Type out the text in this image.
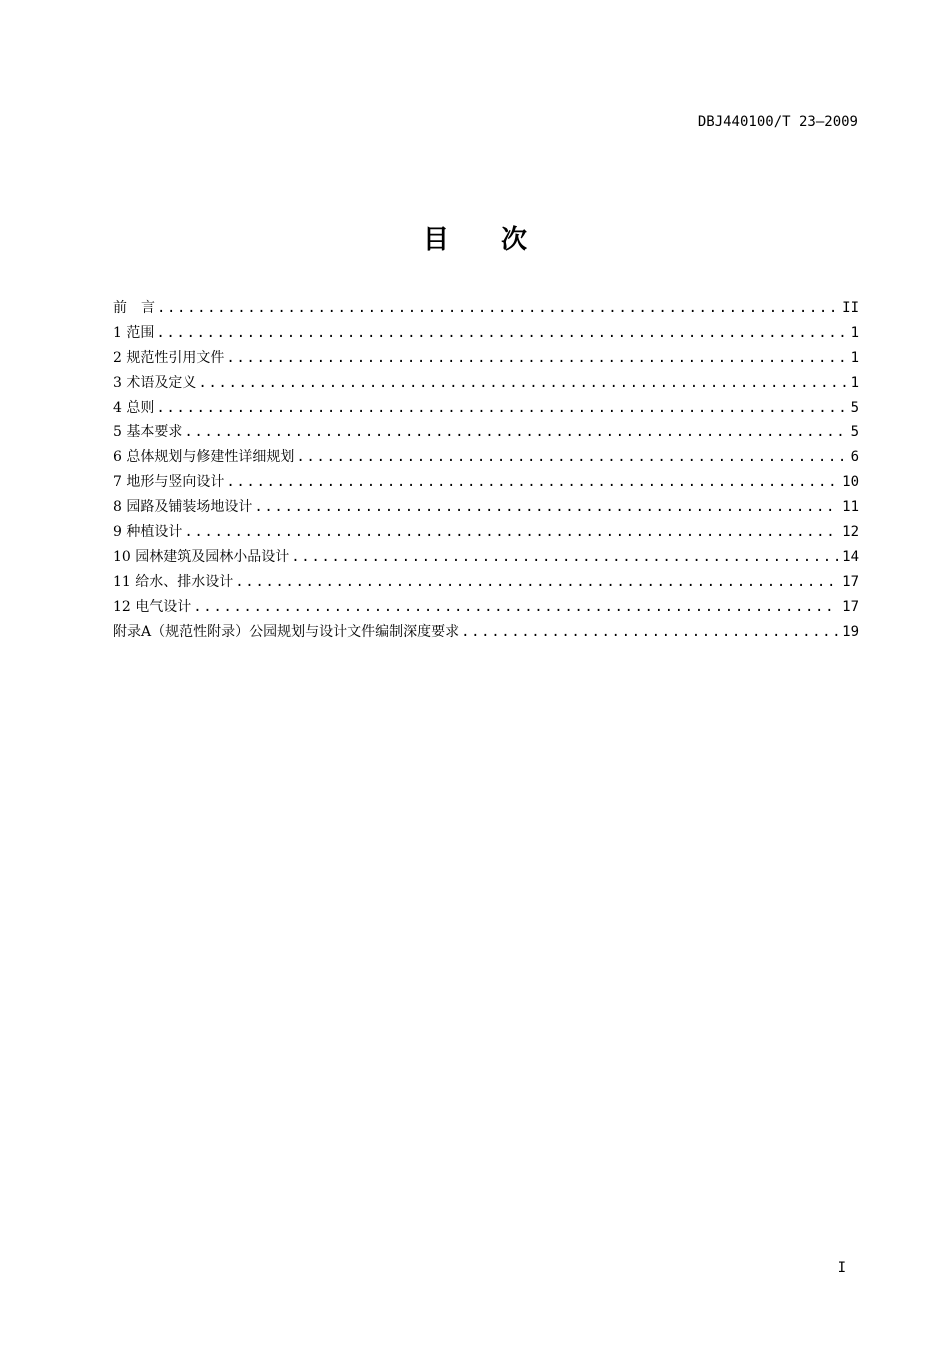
DBJ440100/T 23—2009
目 次
前　言 .....	II
1 范围 .....	1
2 规范性引用文件 .....	1
3 术语及定义 .....	1
4 总则 .....	5
5 基本要求 .....	5
6 总体规划与修建性详细规划 .....	6
7 地形与竖向设计 .....	10
8 园路及铺装场地设计 .....	11
9 种植设计 .....	12
10 园林建筑及园林小品设计 .....	14
11 给水、排水设计 .....	17
12 电气设计 .....	17
附录A（规范性附录）公园规划与设计文件编制深度要求 .....	19
I
